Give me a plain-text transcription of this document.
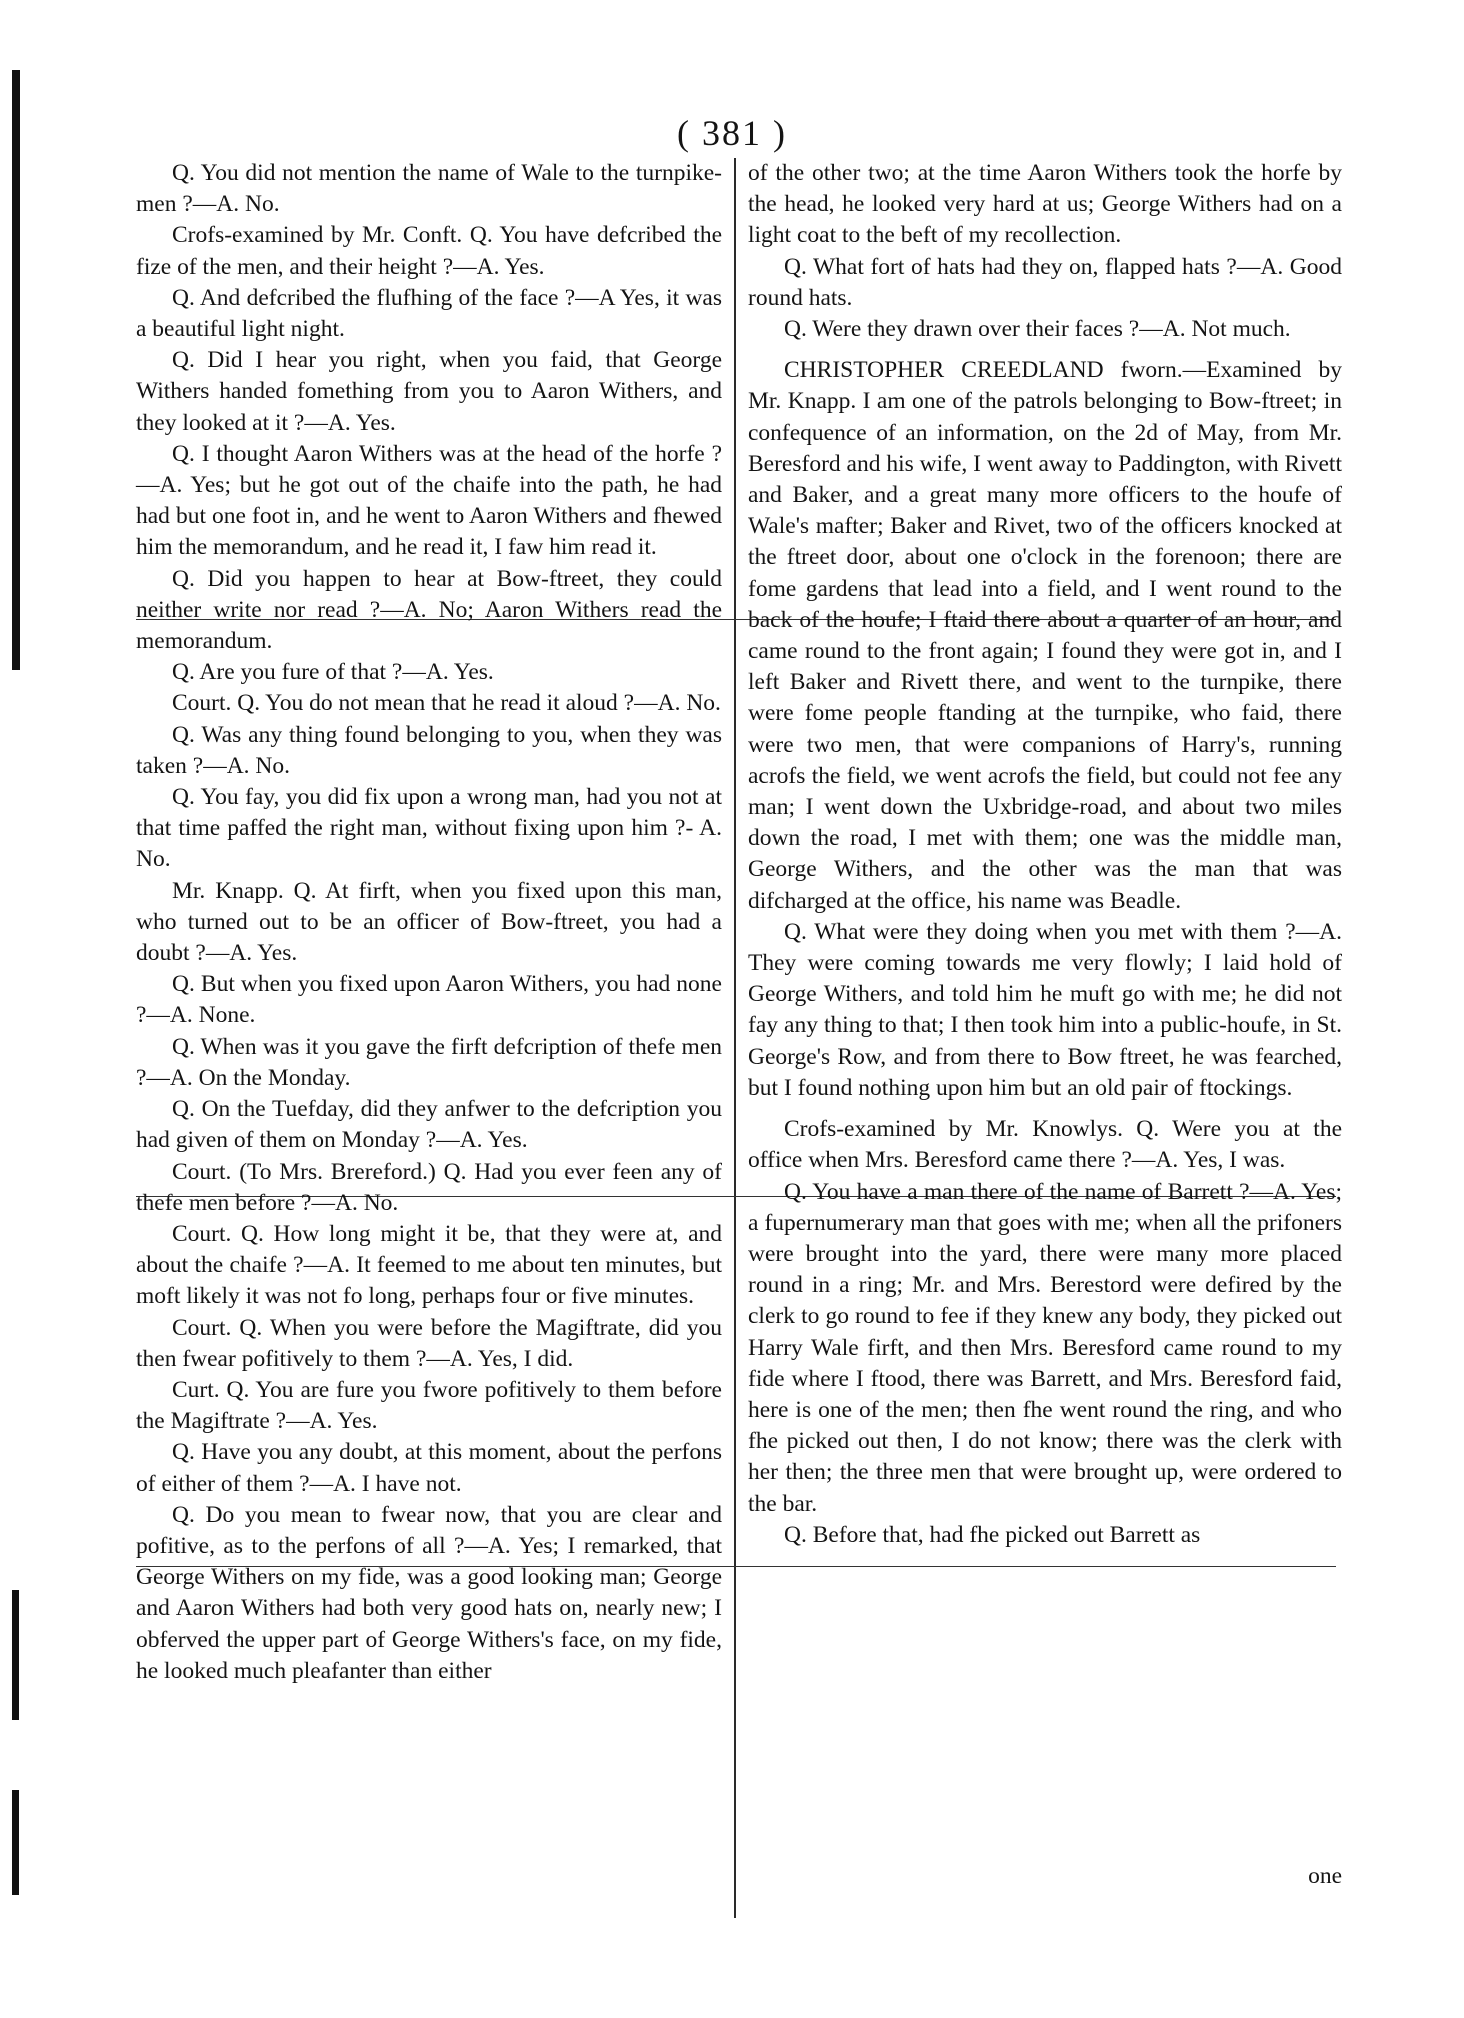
( 381 )

Q. You did not mention the name of Wale to the turnpike-men ?—A. No.

Crofs-examined by Mr. Conft. Q. You have defcribed the fize of the men, and their height ?—A. Yes.

Q. And defcribed the flufhing of the face ?—A Yes, it was a beautiful light night.

Q. Did I hear you right, when you faid, that George Withers handed fomething from you to Aaron Withers, and they looked at it ?—A. Yes.

Q. I thought Aaron Withers was at the head of the horfe ?—A. Yes; but he got out of the chaife into the path, he had had but one foot in, and he went to Aaron Withers and fhewed him the memorandum, and he read it, I faw him read it.

Q. Did you happen to hear at Bow-ftreet, they could neither write nor read ?—A. No; Aaron Withers read the memorandum.

Q. Are you fure of that ?—A. Yes.

Court. Q. You do not mean that he read it aloud ?—A. No.

Q. Was any thing found belonging to you, when they was taken ?—A. No.

Q. You fay, you did fix upon a wrong man, had you not at that time paffed the right man, without fixing upon him ?- A. No.

Mr. Knapp. Q. At firft, when you fixed upon this man, who turned out to be an officer of Bow-ftreet, you had a doubt ?—A. Yes.

Q. But when you fixed upon Aaron Withers, you had none ?—A. None.

Q. When was it you gave the firft defcription of thefe men ?—A. On the Monday.

Q. On the Tuefday, did they anfwer to the defcription you had given of them on Monday ?—A. Yes.

Court. (To Mrs. Brereford.) Q. Had you ever feen any of thefe men before ?—A. No.

Court. Q. How long might it be, that they were at, and about the chaife ?—A. It feemed to me about ten minutes, but moft likely it was not fo long, perhaps four or five minutes.

Court. Q. When you were before the Magiftrate, did you then fwear pofitively to them ?—A. Yes, I did.

Curt. Q. You are fure you fwore pofitively to them before the Magiftrate ?—A. Yes.

Q. Have you any doubt, at this moment, about the perfons of either of them ?—A. I have not.

Q. Do you mean to fwear now, that you are clear and pofitive, as to the perfons of all ?—A. Yes; I remarked, that George Withers on my fide, was a good looking man; George and Aaron Withers had both very good hats on, nearly new; I obferved the upper part of George Withers's face, on my fide, he looked much pleafanter than either

of the other two; at the time Aaron Withers took the horfe by the head, he looked very hard at us; George Withers had on a light coat to the beft of my recollection.

Q. What fort of hats had they on, flapped hats ?—A. Good round hats.

Q. Were they drawn over their faces ?—A. Not much.

CHRISTOPHER CREEDLAND fworn.—Examined by Mr. Knapp. I am one of the patrols belonging to Bow-ftreet; in confequence of an information, on the 2d of May, from Mr. Beresford and his wife, I went away to Paddington, with Rivett and Baker, and a great many more officers to the houfe of Wale's mafter; Baker and Rivet, two of the officers knocked at the ftreet door, about one o'clock in the forenoon; there are fome gardens that lead into a field, and I went round to the back of the houfe; I ftaid there about a quarter of an hour, and came round to the front again; I found they were got in, and I left Baker and Rivett there, and went to the turnpike, there were fome people ftanding at the turnpike, who faid, there were two men, that were companions of Harry's, running acrofs the field, we went acrofs the field, but could not fee any man; I went down the Uxbridge-road, and about two miles down the road, I met with them; one was the middle man, George Withers, and the other was the man that was difcharged at the office, his name was Beadle.

Q. What were they doing when you met with them ?—A. They were coming towards me very flowly; I laid hold of George Withers, and told him he muft go with me; he did not fay any thing to that; I then took him into a public-houfe, in St. George's Row, and from there to Bow ftreet, he was fearched, but I found nothing upon him but an old pair of ftockings.

Crofs-examined by Mr. Knowlys. Q. Were you at the office when Mrs. Beresford came there ?—A. Yes, I was.

Q. You have a man there of the name of Barrett ?—A. Yes; a fupernumerary man that goes with me; when all the prifoners were brought into the yard, there were many more placed round in a ring; Mr. and Mrs. Berestord were defired by the clerk to go round to fee if they knew any body, they picked out Harry Wale firft, and then Mrs. Beresford came round to my fide where I ftood, there was Barrett, and Mrs. Beresford faid, here is one of the men; then fhe went round the ring, and who fhe picked out then, I do not know; there was the clerk with her then; the three men that were brought up, were ordered to the bar.

Q. Before that, had fhe picked out Barrett as

one
